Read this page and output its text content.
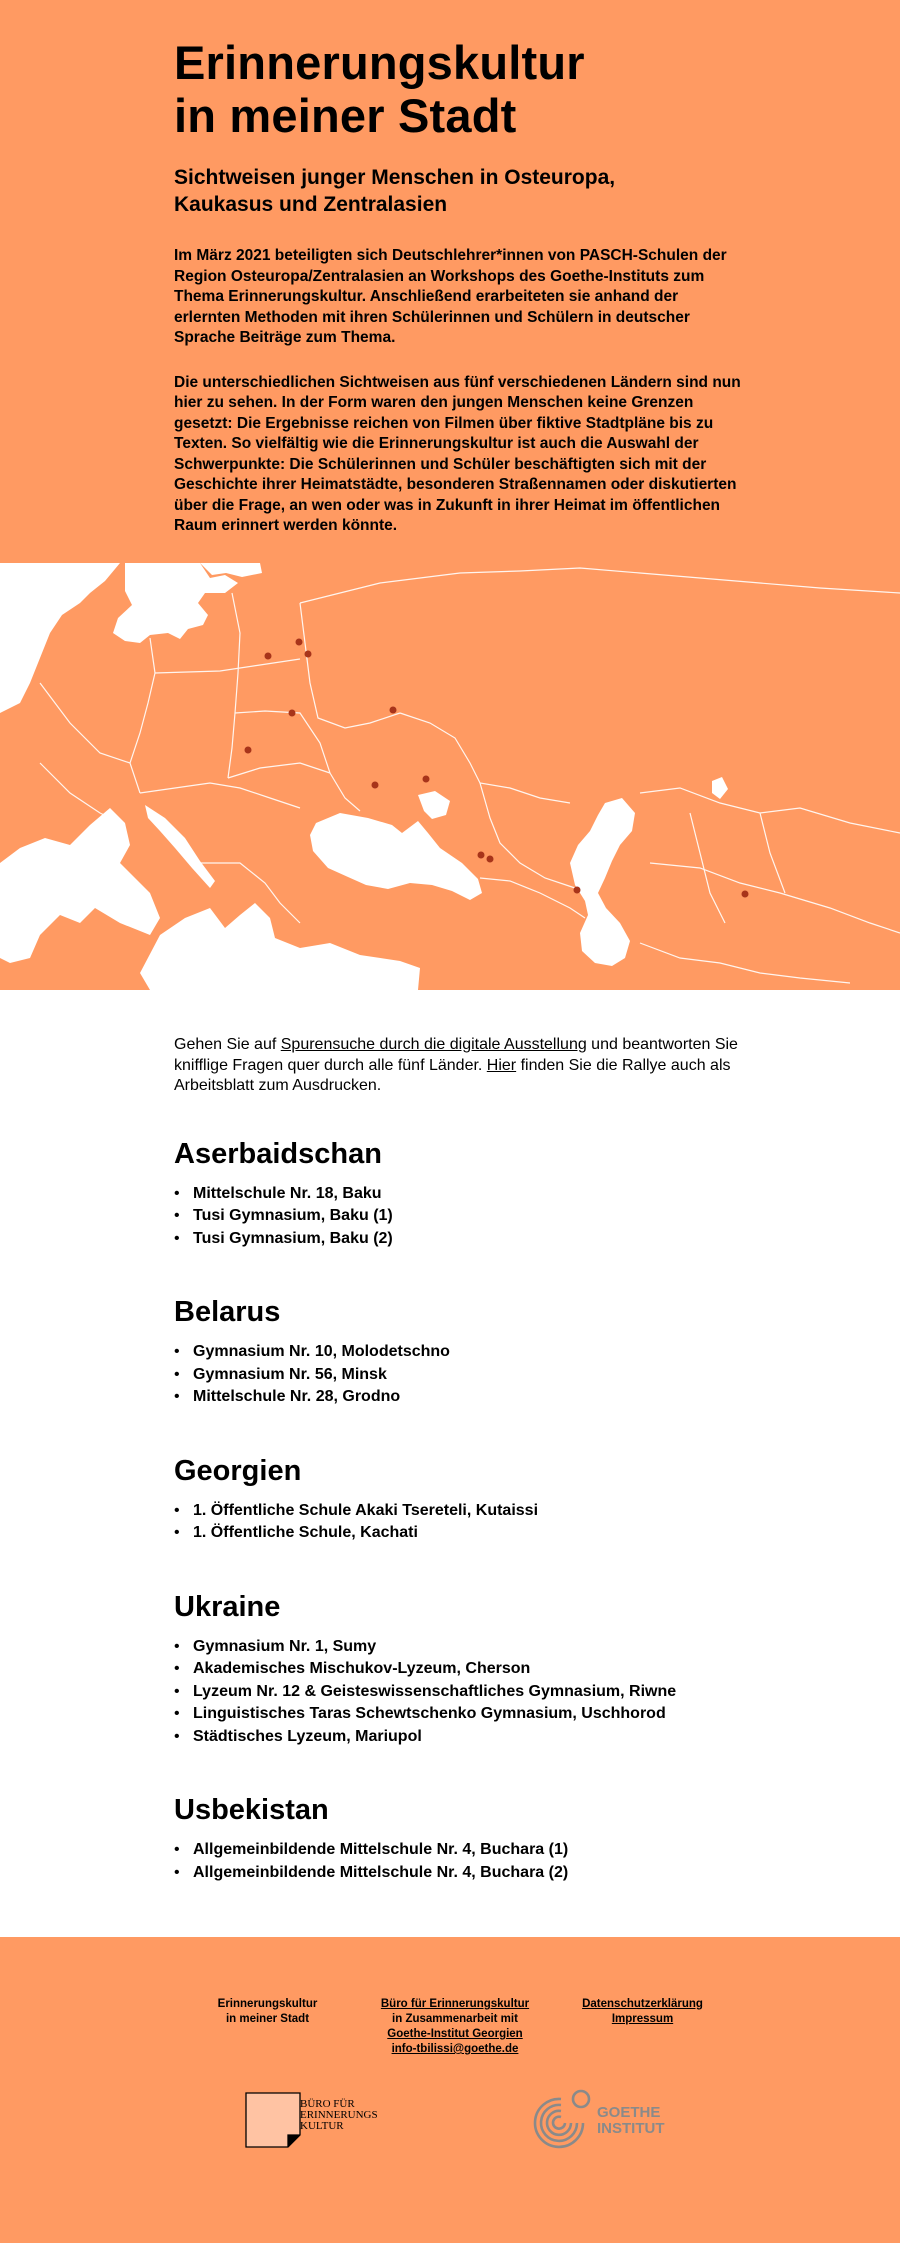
Erinnerungskultur
in meiner Stadt
Sichtweisen junger Menschen in Osteuropa,
Kaukasus und Zentralasien

Im März 2021 beteiligten sich Deutschlehrer*innen von PASCH-Schulen der Region Osteuropa/Zentralasien an Workshops des Goethe-Instituts zum Thema Erinnerungskultur. Anschließend erarbeiteten sie anhand der erlernten Methoden mit ihren Schülerinnen und Schülern in deutscher Sprache Beiträge zum Thema.

Die unterschiedlichen Sichtweisen aus fünf verschiedenen Ländern sind nun hier zu sehen. In der Form waren den jungen Menschen keine Grenzen gesetzt: Die Ergebnisse reichen von Filmen über fiktive Stadtpläne bis zu Texten. So vielfältig wie die Erinnerungskultur ist auch die Auswahl der Schwerpunkte: Die Schülerinnen und Schüler beschäftigten sich mit der Geschichte ihrer Heimatstädte, besonderen Straßennamen oder diskutierten über die Frage, an wen oder was in Zukunft in ihrer Heimat im öffentlichen Raum erinnert werden könnte.

Gehen Sie auf Spurensuche durch die digitale Ausstellung und beantworten Sie knifflige Fragen quer durch alle fünf Länder. Hier finden Sie die Rallye auch als Arbeitsblatt zum Ausdrucken.

Aserbaidschan
• Mittelschule Nr. 18, Baku
• Tusi Gymnasium, Baku (1)
• Tusi Gymnasium, Baku (2)
Belarus
• Gymnasium Nr. 10, Molodetschno
• Gymnasium Nr. 56, Minsk
• Mittelschule Nr. 28, Grodno
Georgien
• 1. Öffentliche Schule Akaki Tsereteli, Kutaissi
• 1. Öffentliche Schule, Kachati
Ukraine
• Gymnasium Nr. 1, Sumy
• Akademisches Mischukov-Lyzeum, Cherson
• Lyzeum Nr. 12 & Geisteswissenschaftliches Gymnasium, Riwne
• Linguistisches Taras Schewtschenko Gymnasium, Uschhorod
• Städtisches Lyzeum, Mariupol
Usbekistan
• Allgemeinbildende Mittelschule Nr. 4, Buchara (1)
• Allgemeinbildende Mittelschule Nr. 4, Buchara (2)
Erinnerungskultur
in meiner Stadt
Büro für Erinnerungskultur
in Zusammenarbeit mit
Goethe-Institut Georgien
info-tbilissi@goethe.de
Datenschutzerklärung
Impressum
BÜRO FÜR
ERINNERUNGS
KULTUR
GOETHE
INSTITUT
